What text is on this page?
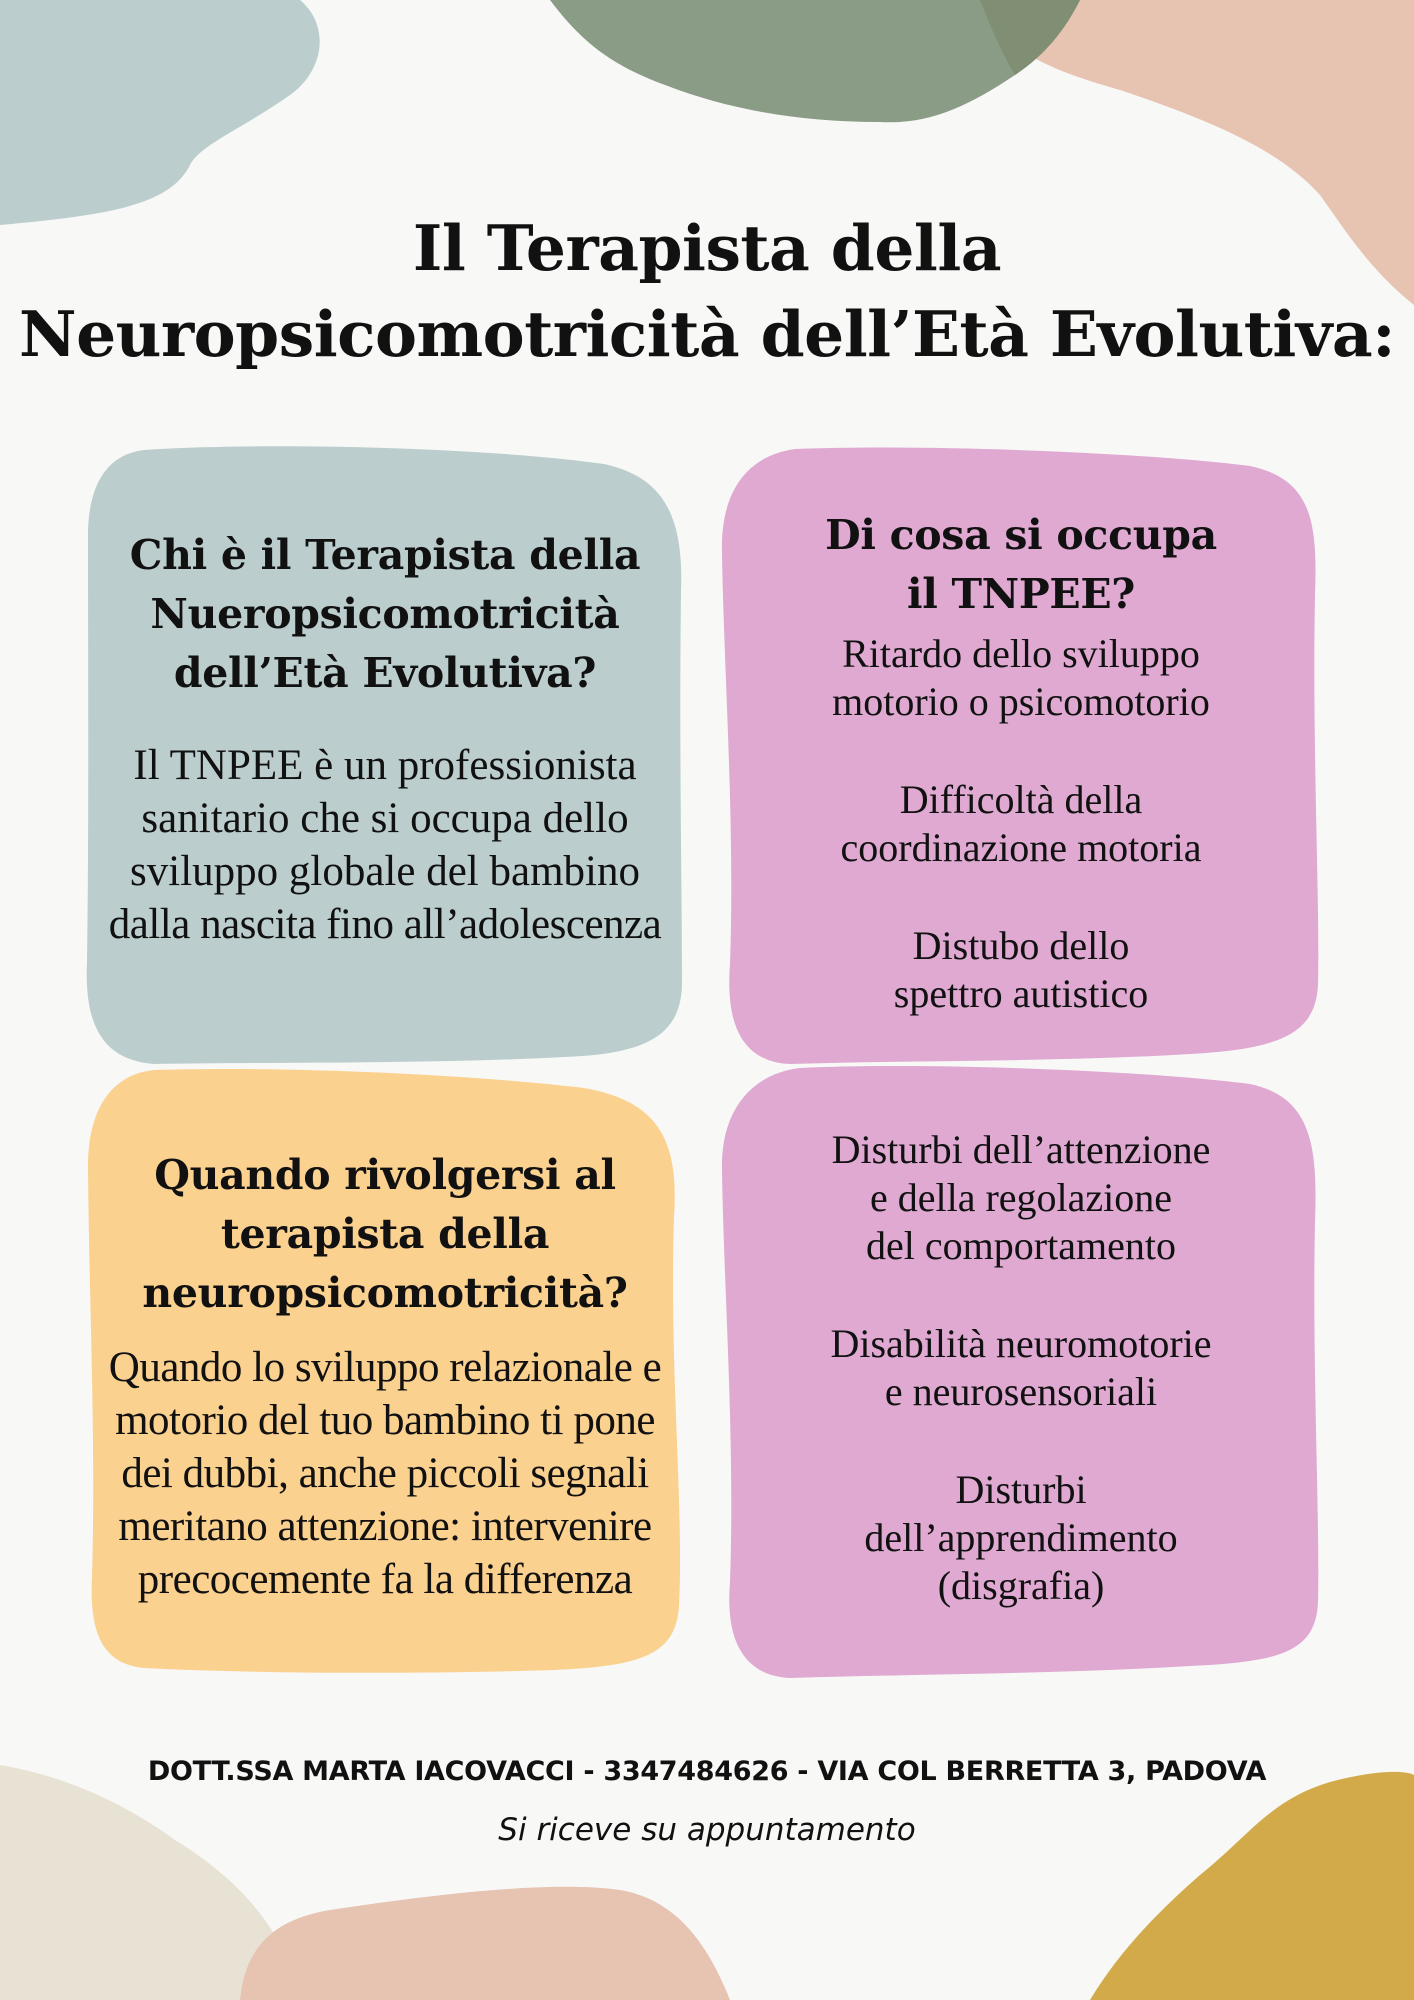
Il Terapista della
Neuropsicomotricità dell’Età Evolutiva:
Chi è il Terapista della
Nueropsicomotricità
dell’Età Evolutiva?
Il TNPEE è un professionista
sanitario che si occupa dello
sviluppo globale del bambino
dalla nascita fino all’adolescenza
Di cosa si occupa
il TNPEE?
Ritardo dello sviluppo
motorio o psicomotorio
Difficoltà della
coordinazione motoria
Distubo dello
spettro autistico
Quando rivolgersi al
terapista della
neuropsicomotricità?
Quando lo sviluppo relazionale e
motorio del tuo bambino ti pone
dei dubbi, anche piccoli segnali
meritano attenzione: intervenire
precocemente fa la differenza
Disturbi dell’attenzione
e della regolazione
del comportamento
Disabilità neuromotorie
e neurosensoriali
Disturbi
dell’apprendimento
(disgrafia)
DOTT.SSA MARTA IACOVACCI - 3347484626 - VIA COL BERRETTA 3, PADOVA
Si riceve su appuntamento
